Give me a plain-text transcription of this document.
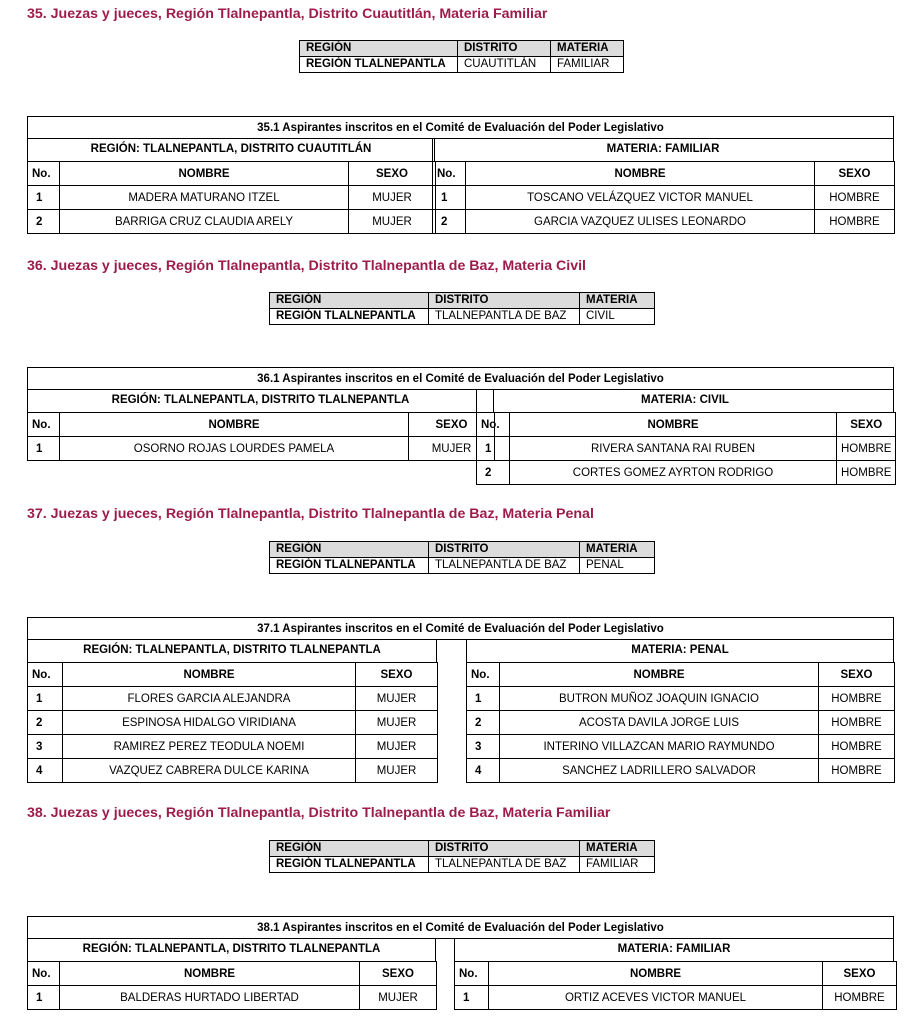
35. Juezas y jueces, Región Tlalnepantla, Distrito Cuautitlán, Materia Familiar
REGIÓN	DISTRITO	MATERIA
REGIÓN TLALNEPANTLA	CUAUTITLÁN	FAMILIAR
35.1 Aspirantes inscritos en el Comité de Evaluación del Poder Legislativo
REGIÓN: TLALNEPANTLA, DISTRITO CUAUTITLÁN
No.	NOMBRE	SEXO
1	MADERA MATURANO ITZEL	MUJER
2	BARRIGA CRUZ CLAUDIA ARELY	MUJER
MATERIA: FAMILIAR
No.	NOMBRE	SEXO
1	TOSCANO VELÁZQUEZ VICTOR MANUEL	HOMBRE
2	GARCIA VAZQUEZ ULISES LEONARDO	HOMBRE
36. Juezas y jueces, Región Tlalnepantla, Distrito Tlalnepantla de Baz, Materia Civil
REGIÓN	DISTRITO	MATERIA
REGIÓN TLALNEPANTLA	TLALNEPANTLA DE BAZ	CIVIL
36.1 Aspirantes inscritos en el Comité de Evaluación del Poder Legislativo
REGIÓN: TLALNEPANTLA, DISTRITO TLALNEPANTLA
No.	NOMBRE	SEXO
1	OSORNO ROJAS LOURDES PAMELA	MUJER
MATERIA: CIVIL
No.	NOMBRE	SEXO
1	RIVERA SANTANA RAI RUBEN	HOMBRE
2	CORTES GOMEZ AYRTON RODRIGO	HOMBRE
37. Juezas y jueces, Región Tlalnepantla, Distrito Tlalnepantla de Baz, Materia Penal
REGIÓN	DISTRITO	MATERIA
REGIÓN TLALNEPANTLA	TLALNEPANTLA DE BAZ	PENAL
37.1 Aspirantes inscritos en el Comité de Evaluación del Poder Legislativo
REGIÓN: TLALNEPANTLA, DISTRITO TLALNEPANTLA
No.	NOMBRE	SEXO
1	FLORES GARCIA ALEJANDRA	MUJER
2	ESPINOSA HIDALGO VIRIDIANA	MUJER
3	RAMIREZ PEREZ TEODULA NOEMI	MUJER
4	VAZQUEZ CABRERA DULCE KARINA	MUJER
MATERIA: PENAL
No.	NOMBRE	SEXO
1	BUTRON MUÑOZ JOAQUIN IGNACIO	HOMBRE
2	ACOSTA DAVILA JORGE LUIS	HOMBRE
3	INTERINO VILLAZCAN MARIO RAYMUNDO	HOMBRE
4	SANCHEZ LADRILLERO SALVADOR	HOMBRE
38. Juezas y jueces, Región Tlalnepantla, Distrito Tlalnepantla de Baz, Materia Familiar
REGIÓN	DISTRITO	MATERIA
REGIÓN TLALNEPANTLA	TLALNEPANTLA DE BAZ	FAMILIAR
38.1 Aspirantes inscritos en el Comité de Evaluación del Poder Legislativo
REGIÓN: TLALNEPANTLA, DISTRITO TLALNEPANTLA
No.	NOMBRE	SEXO
1	BALDERAS HURTADO LIBERTAD	MUJER
MATERIA: FAMILIAR
No.	NOMBRE	SEXO
1	ORTIZ ACEVES VICTOR MANUEL	HOMBRE
